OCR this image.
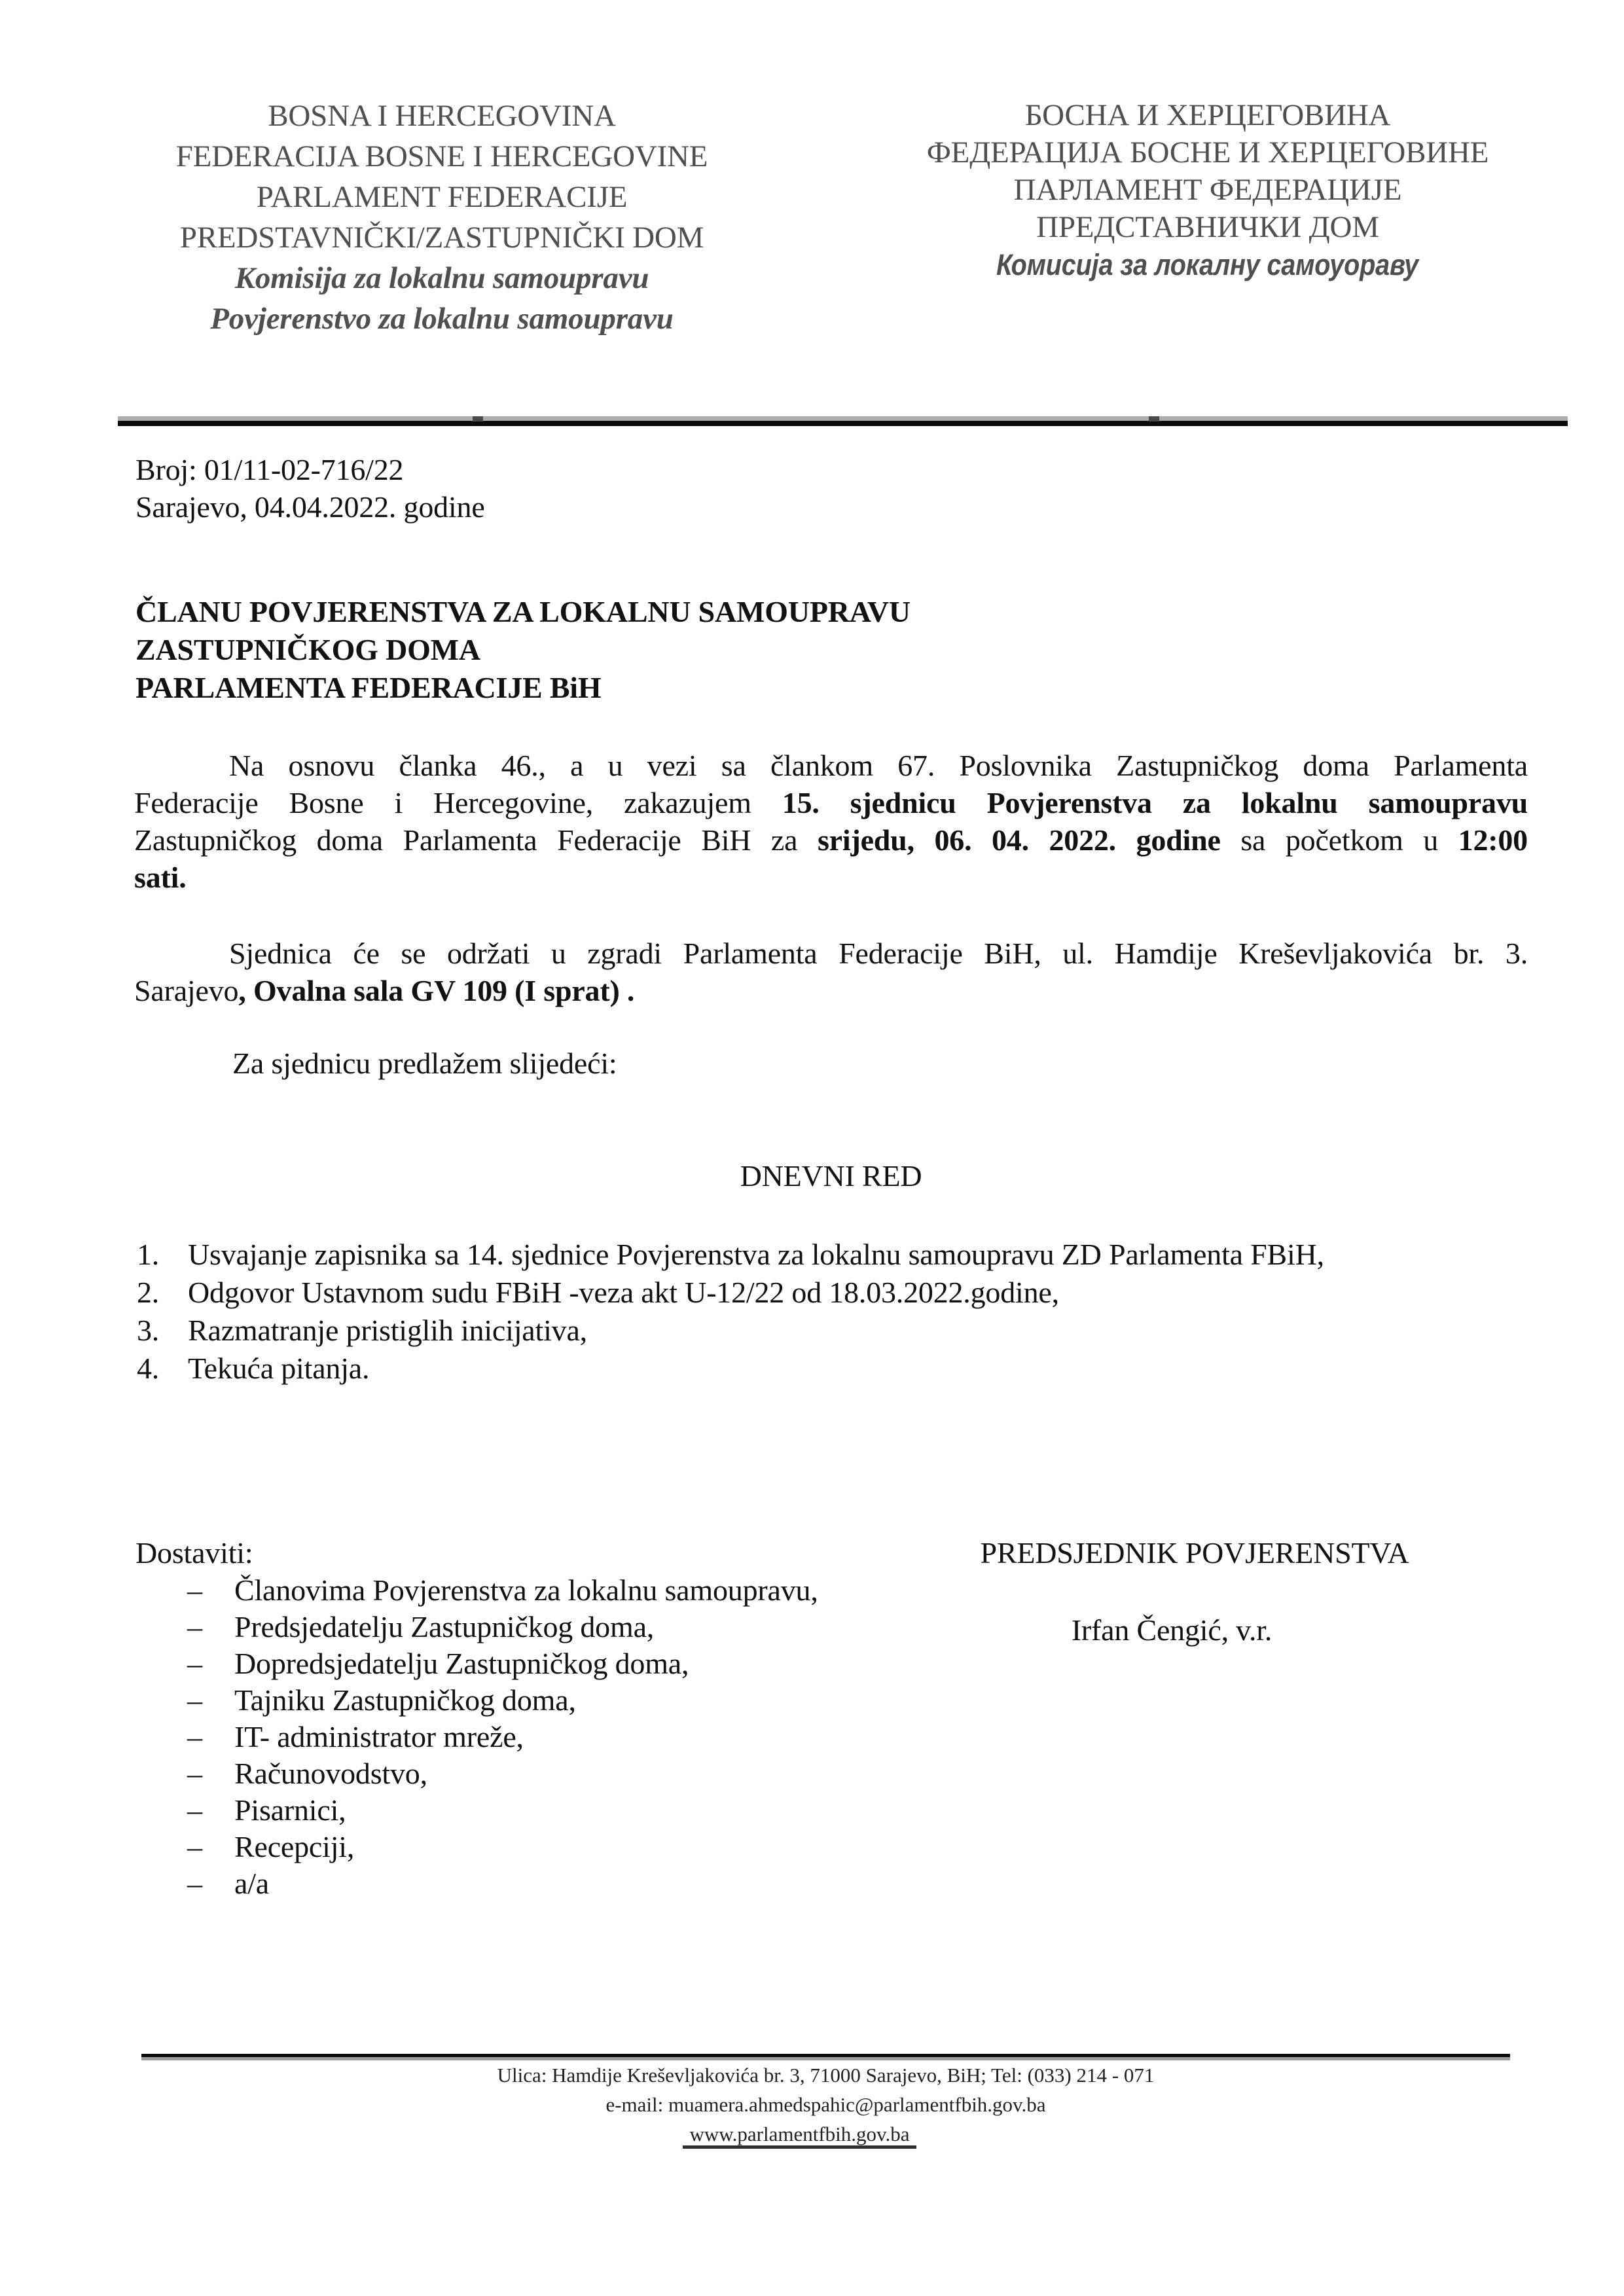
BOSNA I HERCEGOVINA
FEDERACIJA BOSNE I HERCEGOVINE
PARLAMENT FEDERACIJE
PREDSTAVNIČKI/ZASTUPNIČKI DOM
Komisija za lokalnu samoupravu
Povjerenstvo za lokalnu samoupravu
БОСНА И ХЕРЦЕГОВИНА
ФЕДЕРАЦИЈА БОСНЕ И ХЕРЦЕГОВИНЕ
ПАРЛАМЕНТ ФЕДЕРАЦИЈЕ
ПРЕДСТАВНИЧКИ ДОМ
Комисија за локалну самоуораву
Broj: 01/11-02-716/22
Sarajevo, 04.04.2022. godine
ČLANU POVJERENSTVA ZA LOKALNU SAMOUPRAVU
ZASTUPNIČKOG DOMA
PARLAMENTA FEDERACIJE BiH
Na osnovu članka 46., a u vezi sa člankom 67. Poslovnika Zastupničkog doma Parlamenta
Federacije Bosne i Hercegovine, zakazujem 15. sjednicu Povjerenstva za lokalnu samoupravu
Zastupničkog doma Parlamenta Federacije BiH za srijedu, 06. 04. 2022. godine sa početkom u 12:00
sati.
Sjednica će se održati u zgradi Parlamenta Federacije BiH, ul. Hamdije Kreševljakovića br. 3.
Sarajevo, Ovalna sala GV 109 (I sprat) .
Za sjednicu predlažem slijedeći:
DNEVNI RED
1. Usvajanje zapisnika sa 14. sjednice Povjerenstva za lokalnu samoupravu ZD Parlamenta FBiH,
2. Odgovor Ustavnom sudu FBiH -veza akt U-12/22 od 18.03.2022.godine,
3. Razmatranje pristiglih inicijativa,
4. Tekuća pitanja.
Dostaviti:	PREDSJEDNIK POVJERENSTVA
– Članovima Povjerenstva za lokalnu samoupravu,
– Predsjedatelju Zastupničkog doma,
– Dopredsjedatelju Zastupničkog doma,
– Tajniku Zastupničkog doma,
– IT- administrator mreže,
– Računovodstvo,
– Pisarnici,
– Recepciji,
– a/a
Irfan Čengić, v.r.
Ulica: Hamdije Kreševljakovića br. 3, 71000 Sarajevo, BiH; Tel: (033) 214 - 071
e-mail: muamera.ahmedspahic@parlamentfbih.gov.ba
www.parlamentfbih.gov.ba
